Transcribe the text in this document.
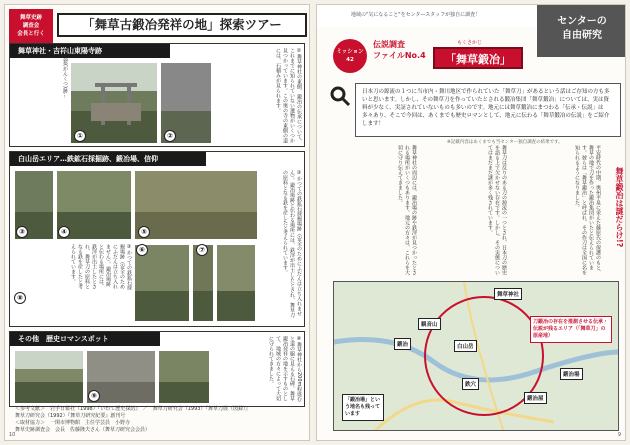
舞草史跡
調査会
会長と行く
「舞草古鍛冶発祥の地」探索ツアー
舞草神社・吉祥山東陽寺跡
①岩窟(がんくつ)跡…
①	②	②舞草神社の東側、鍛冶の伝承について、これまでに知られていない遺物がいくつか見つかっています。この奥の寺の東側の道には、石積みが見られます。
白山岳エリア…鉄鉱石採掘跡、鍛冶場、信仰
③	④	⑤	③かつての鉄鉱石採掘場跡（安全のためにふだんは立ち入れません）。鍛冶場跡と伝わる場所には、鉄滓が出土したとされ、舞草刀の原料となる鉄を産したと考えられています。
③かつての鉄鉱石採掘場跡（安全のためにふだんは立ち入れません）。鍛冶場跡と伝わる場所には、鉄滓が出土したとされ、舞草刀の原料となる鉄を産したと考えられています。	⑥	⑦
⑧
その他　歴史ロマンスポット
⑨	⑧舞草神社から200m程進むと道の脇に見える石碑。舞草鍛冶発祥の地を示すものとして、地域の方々によって大切に守られてきました。
＜参考文献＞　岩手日報社（1998）『いわて歴史探訪』　／　舞草刀研究会（1993）『舞草刀展（図録）』
舞草刀研究会（1992）『舞草刀研究紀要』創刊号
＜取材協力＞　一関市博物館　主任学芸員　小野寺
舞草史跡調査会　会長　佐藤隆夫さん（舞草刀研究会会員）
10
地域の"気になること"をセンタースタッフが独自に調査！
センターの
自由研究
ミッション
42
伝説調査
ファイルNo.4
もくさかじ
「舞草鍛冶」
日本刀の源流の１つに当市内・舞川地区で作られていた「舞草刀」があるという話はご存知の方も多いと思います。しかし、その舞草刀を作っていたとされる鍛冶集団「舞草鍛冶」については、実は資料が少なく、実証されていないものも多いのです。地元には舞草鍛冶にまつわる「伝承・伝説」は多々あり、そこで今回は、あくまでも歴史ロマンとして、地元に伝わる「舞草鍛冶の伝説」をご紹介します！
※記載内容はあくまでも当センター独自調査の結果です。
舞草神社の周辺には、鍛冶場の跡や鉄滓が見つかったとされる場所がいくつもあります。地元の方々は、これらを大切に守り伝えてきました。	舞草刀は反りのある刀の源流の一つとされ、日本刀の歴史を語る上で欠かせない存在です。しかし、その実態についてはまだまだ謎が多く残されています。	平安時代の中期、奥州平泉に栄えた藤原氏の保護のもと、舞草の地で刀を作った鍛冶集団がいたと伝えられています。彼らは「舞草鍛冶」と呼ばれ、その作刀は全国に名を知られるようになりました。	舞草鍛冶は謎だらけ!?
舞草神社
観音山
白山岳
鍛冶
刀鍛冶の存在を推測させる伝承・伝説が残るエリア（「舞草刀」の原産地）
鉄穴
鍛冶屋
鍛冶場
「鍛冶場」という地名も残っています
9
